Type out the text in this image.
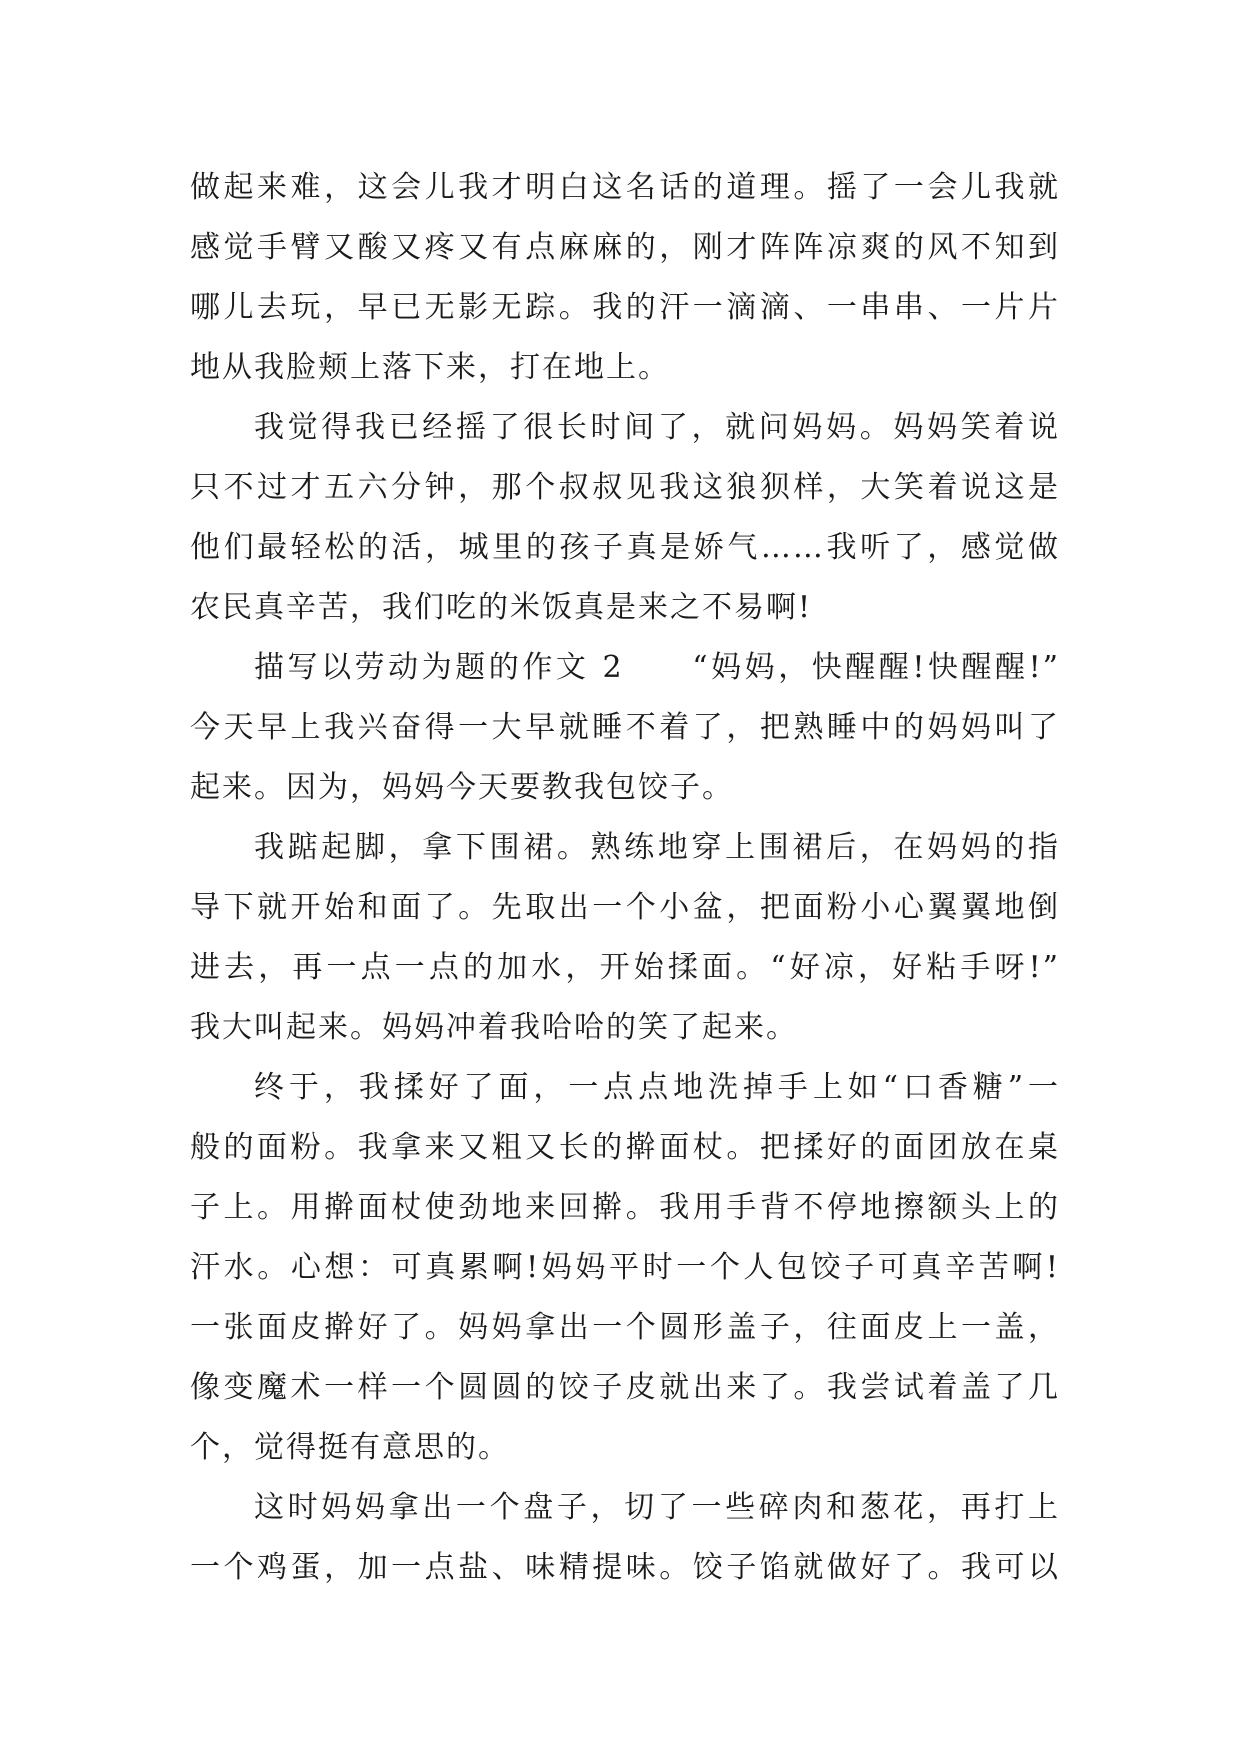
做起来难，这会儿我才明白这名话的道理。摇了一会儿我就
感觉手臂又酸又疼又有点麻麻的，刚才阵阵凉爽的风不知到
哪儿去玩，早已无影无踪。我的汗一滴滴、一串串、一片片
地从我脸颊上落下来，打在地上。
我觉得我已经摇了很长时间了，就问妈妈。妈妈笑着说
只不过才五六分钟，那个叔叔见我这狼狈样，大笑着说这是
他们最轻松的活，城里的孩子真是娇气……我听了，感觉做
农民真辛苦，我们吃的米饭真是来之不易啊!
描写以劳动为题的作文 2　　“妈妈，快醒醒!快醒醒!”
今天早上我兴奋得一大早就睡不着了，把熟睡中的妈妈叫了
起来。因为，妈妈今天要教我包饺子。
我踮起脚，拿下围裙。熟练地穿上围裙后，在妈妈的指
导下就开始和面了。先取出一个小盆，把面粉小心翼翼地倒
进去，再一点一点的加水，开始揉面。“好凉，好粘手呀!”
我大叫起来。妈妈冲着我哈哈的笑了起来。
终于，我揉好了面，一点点地洗掉手上如“口香糖”一
般的面粉。我拿来又粗又长的擀面杖。把揉好的面团放在桌
子上。用擀面杖使劲地来回擀。我用手背不停地擦额头上的
汗水。心想：可真累啊!妈妈平时一个人包饺子可真辛苦啊!
一张面皮擀好了。妈妈拿出一个圆形盖子，往面皮上一盖，
像变魔术一样一个圆圆的饺子皮就出来了。我尝试着盖了几
个，觉得挺有意思的。
这时妈妈拿出一个盘子，切了一些碎肉和葱花，再打上
一个鸡蛋，加一点盐、味精提味。饺子馅就做好了。我可以
